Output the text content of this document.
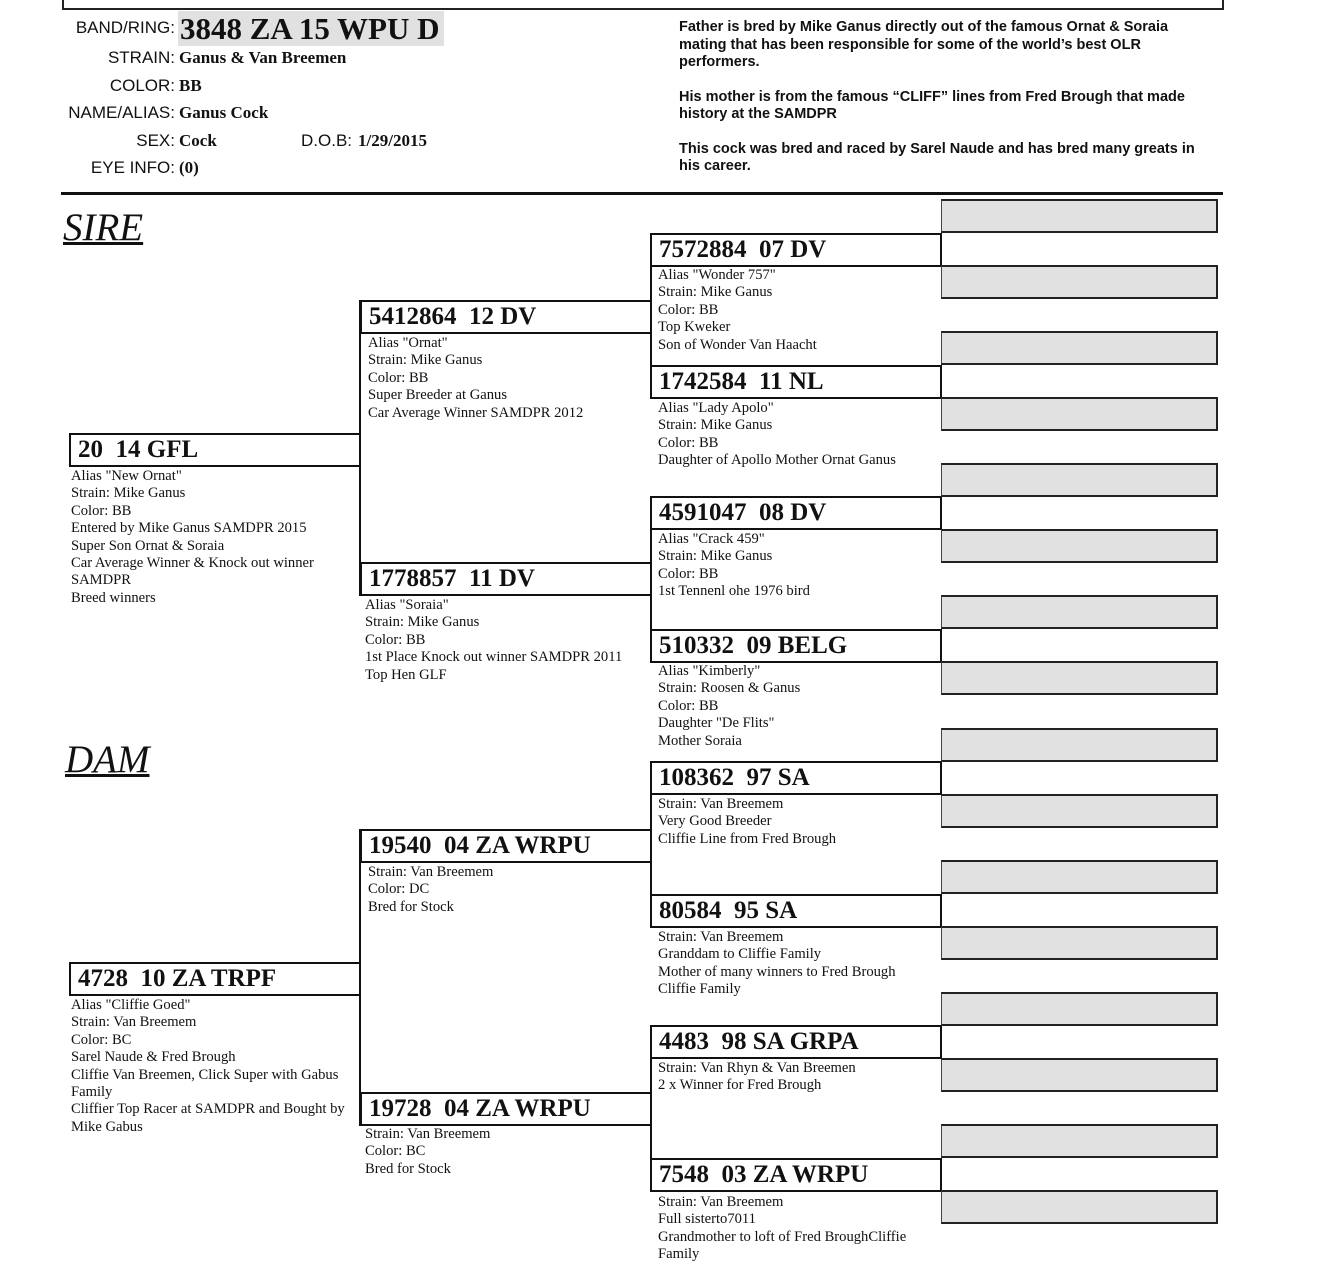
BAND/RING: 3848 ZA 15 WPU D
STRAIN: Ganus & Van Breemen
COLOR: BB
NAME/ALIAS: Ganus Cock
SEX: Cock	D.O.B: 1/29/2015
EYE INFO: (0)

Father is bred by Mike Ganus directly out of the famous Ornat & Soraia mating that has been responsible for some of the world’s best OLR performers.

His mother is from the famous “CLIFF” lines from Fred Brough that made history at the SAMDPR

This cock was bred and raced by Sarel Naude and has bred many greats in his career.

SIRE
DAM
20  14 GFL
Alias "New Ornat"
Strain: Mike Ganus
Color: BB
Entered by Mike Ganus SAMDPR 2015
Super Son Ornat & Soraia
Car Average Winner & Knock out winner
SAMDPR
Breed winners
4728  10 ZA TRPF
Alias "Cliffie Goed"
Strain: Van Breemem
Color: BC
Sarel Naude & Fred Brough
Cliffie Van Breemen, Click Super with Gabus
Family
Cliffier Top Racer at SAMDPR and Bought by
Mike Gabus
5412864  12 DV
Alias "Ornat"
Strain: Mike Ganus
Color: BB
Super Breeder at Ganus
Car Average Winner SAMDPR 2012
1778857  11 DV
Alias "Soraia"
Strain: Mike Ganus
Color: BB
1st Place Knock out winner SAMDPR 2011
Top Hen GLF
19540  04 ZA WRPU
Strain: Van Breemem
Color: DC
Bred for Stock
19728  04 ZA WRPU
Strain: Van Breemem
Color: BC
Bred for Stock
7572884  07 DV
Alias "Wonder 757"
Strain: Mike Ganus
Color: BB
Top Kweker
Son of Wonder Van Haacht
1742584  11 NL
Alias "Lady Apolo"
Strain: Mike Ganus
Color: BB
Daughter of Apollo Mother Ornat Ganus
4591047  08 DV
Alias "Crack 459"
Strain: Mike Ganus
Color: BB
1st Tennenl ohe 1976 bird
510332  09 BELG
Alias "Kimberly"
Strain: Roosen & Ganus
Color: BB
Daughter "De Flits"
Mother Soraia
108362  97 SA
Strain: Van Breemem
Very Good Breeder
Cliffie Line from Fred Brough
80584  95 SA
Strain: Van Breemem
Granddam to Cliffie Family
Mother of many winners to Fred Brough
Cliffie Family
4483  98 SA GRPA
Strain: Van Rhyn & Van Breemen
2 x Winner for Fred Brough
7548  03 ZA WRPU
Strain: Van Breemem
Full sisterto7011
Grandmother to loft of Fred BroughCliffie
Family
